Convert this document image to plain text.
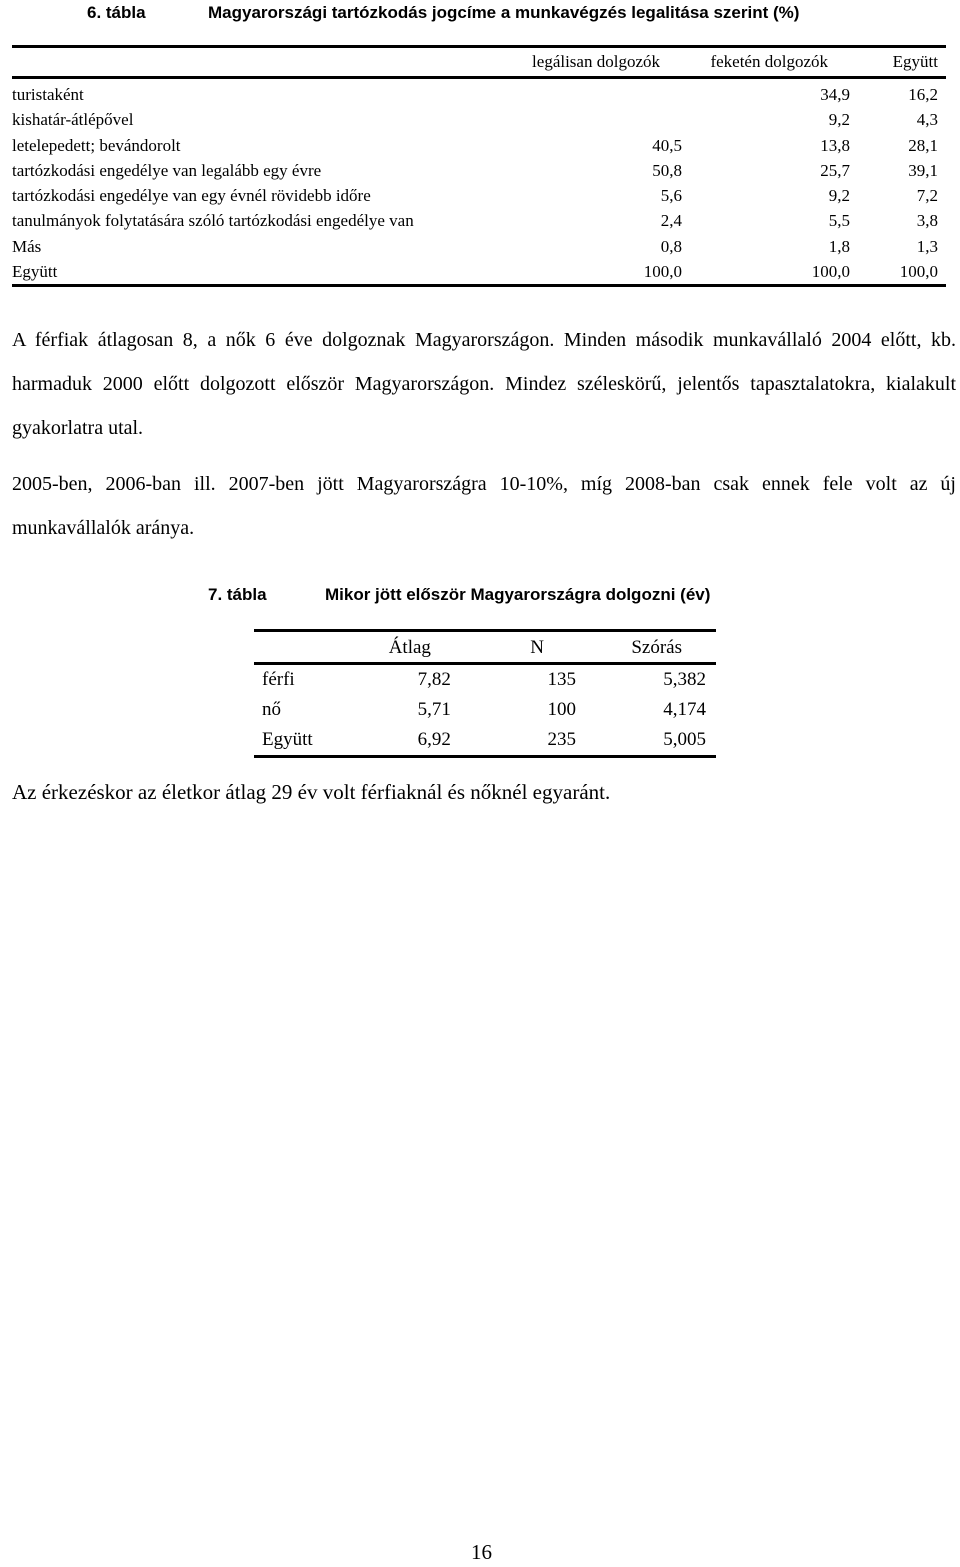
6. tábla	Magyarországi tartózkodás jogcíme a munkavégzés legalitása szerint (%)
	legálisan dolgozók	feketén dolgozók	Együtt
turistaként		34,9	16,2
kishatár-átlépővel		9,2	4,3
letelepedett; bevándorolt	40,5	13,8	28,1
tartózkodási engedélye van legalább egy évre	50,8	25,7	39,1
tartózkodási engedélye van egy évnél rövidebb időre	5,6	9,2	7,2
tanulmányok folytatására szóló tartózkodási engedélye van	2,4	5,5	3,8
Más	0,8	1,8	1,3
Együtt	100,0	100,0	100,0

A férfiak átlagosan 8, a nők 6 éve dolgoznak Magyarországon. Minden második munkavállaló 2004 előtt, kb. harmaduk 2000 előtt dolgozott először Magyarországon. Mindez széleskörű, jelentős tapasztalatokra, kialakult gyakorlatra utal.

2005-ben, 2006-ban ill. 2007-ben jött Magyarországra 10-10%, míg 2008-ban csak ennek fele volt az új munkavállalók aránya.

7. tábla	Mikor jött először Magyarországra dolgozni (év)
	Átlag	N	Szórás
férfi	7,82	135	5,382
nő	5,71	100	4,174
Együtt	6,92	235	5,005

Az érkezéskor az életkor átlag 29 év volt férfiaknál és nőknél egyaránt.

16
